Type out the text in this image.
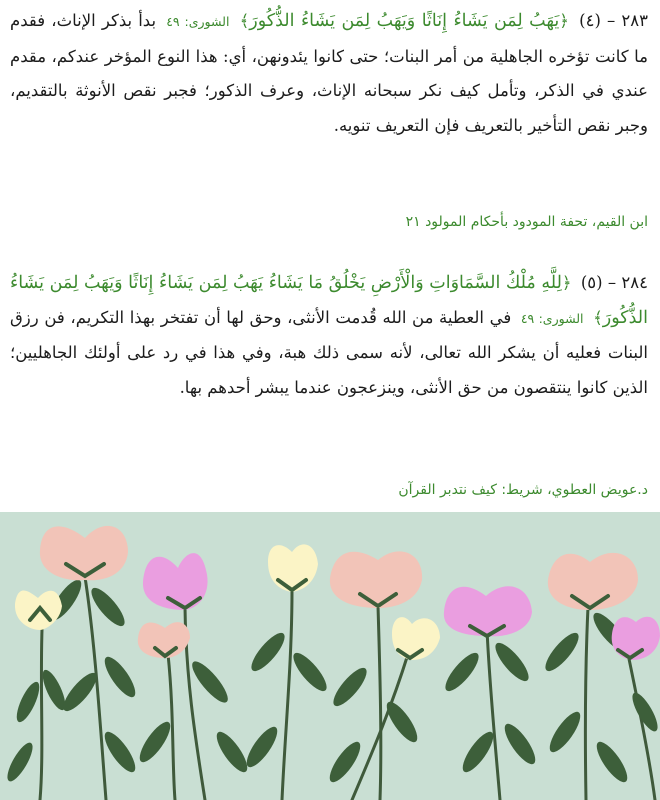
٢٨٣ – (٤) ﴿يَهَبُ لِمَن يَشَاءُ إِنَاثًا وَيَهَبُ لِمَن يَشَاءُ الذُّكُورَ﴾ الشورى: ٤٩ بدأ بذكر الإناث، فقدم ما كانت تؤخره الجاهلية من أمر البنات؛ حتى كانوا يئدونهن، أي: هذا النوع المؤخر عندكم، مقدم عندي في الذكر، وتأمل كيف نكر سبحانه الإناث، وعرف الذكور؛ فجبر نقص الأنوثة بالتقديم، وجبر نقص التأخير بالتعريف فإن التعريف تنويه.
ابن القيم، تحفة المودود بأحكام المولود ٢١
٢٨٤ – (٥) ﴿لِلَّهِ مُلْكُ السَّمَاوَاتِ وَالْأَرْضِ يَخْلُقُ مَا يَشَاءُ يَهَبُ لِمَن يَشَاءُ إِنَاثًا وَيَهَبُ لِمَن يَشَاءُ الذُّكُورَ﴾ الشورى: ٤٩ في العطية من الله قُدمت الأنثى، وحق لها أن تفتخر بهذا التكريم، فن رزق البنات فعليه أن يشكر الله تعالى، لأنه سمى ذلك هبة، وفي هذا في رد على أولئك الجاهليين؛ الذين كانوا ينتقصون من حق الأنثى، وينزعجون عندما يبشر أحدهم بها.
د.عويض العطوي، شريط: كيف نتدبر القرآن
